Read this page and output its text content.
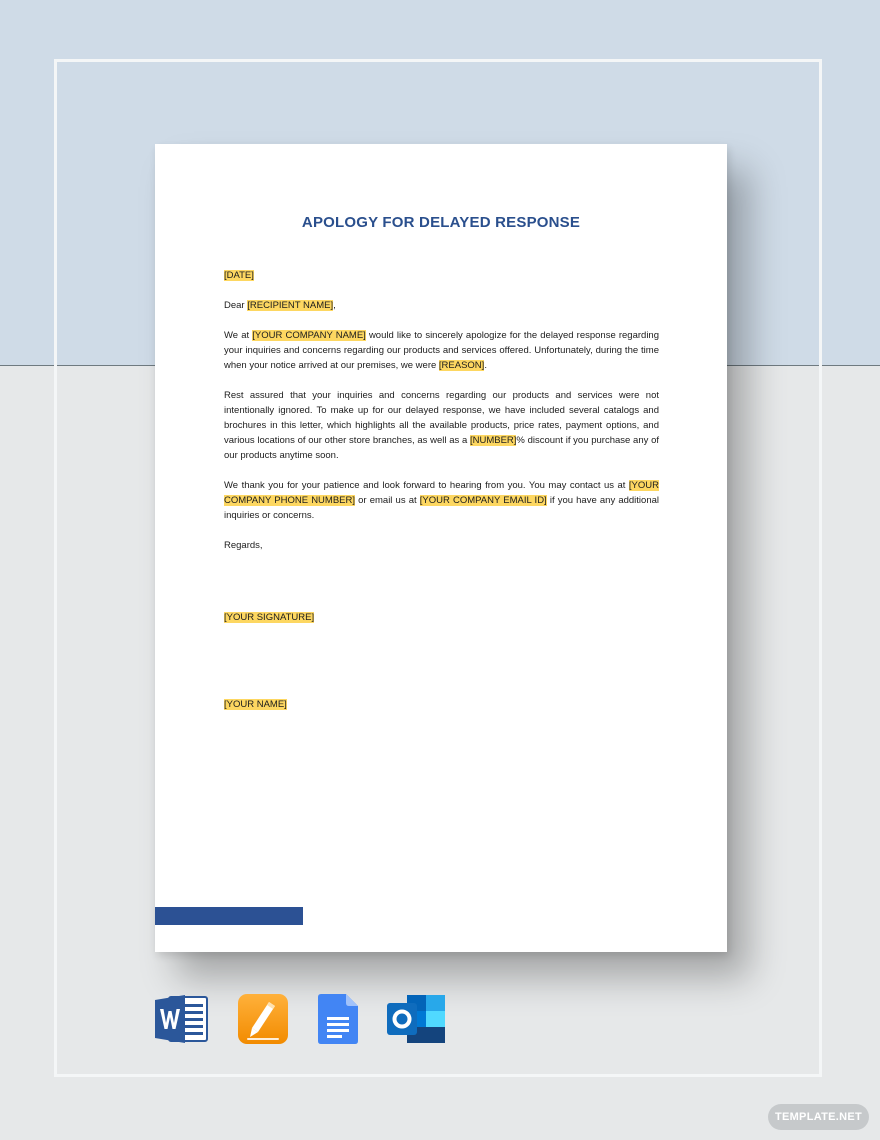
APOLOGY FOR DELAYED RESPONSE

[DATE]

Dear [RECIPIENT NAME],

We at [YOUR COMPANY NAME] would like to sincerely apologize for the delayed response regarding your inquiries and concerns regarding our products and services offered. Unfortunately, during the time when your notice arrived at our premises, we were [REASON].

Rest assured that your inquiries and concerns regarding our products and services were not intentionally ignored. To make up for our delayed response, we have included several catalogs and brochures in this letter, which highlights all the available products, price rates, payment options, and various locations of our other store branches, as well as a [NUMBER]% discount if you purchase any of our products anytime soon.

We thank you for your patience and look forward to hearing from you. You may contact us at [YOUR COMPANY PHONE NUMBER] or email us at [YOUR COMPANY EMAIL ID] if you have any additional inquiries or concerns.

Regards,

[YOUR SIGNATURE]

[YOUR NAME]

TEMPLATE.NET
